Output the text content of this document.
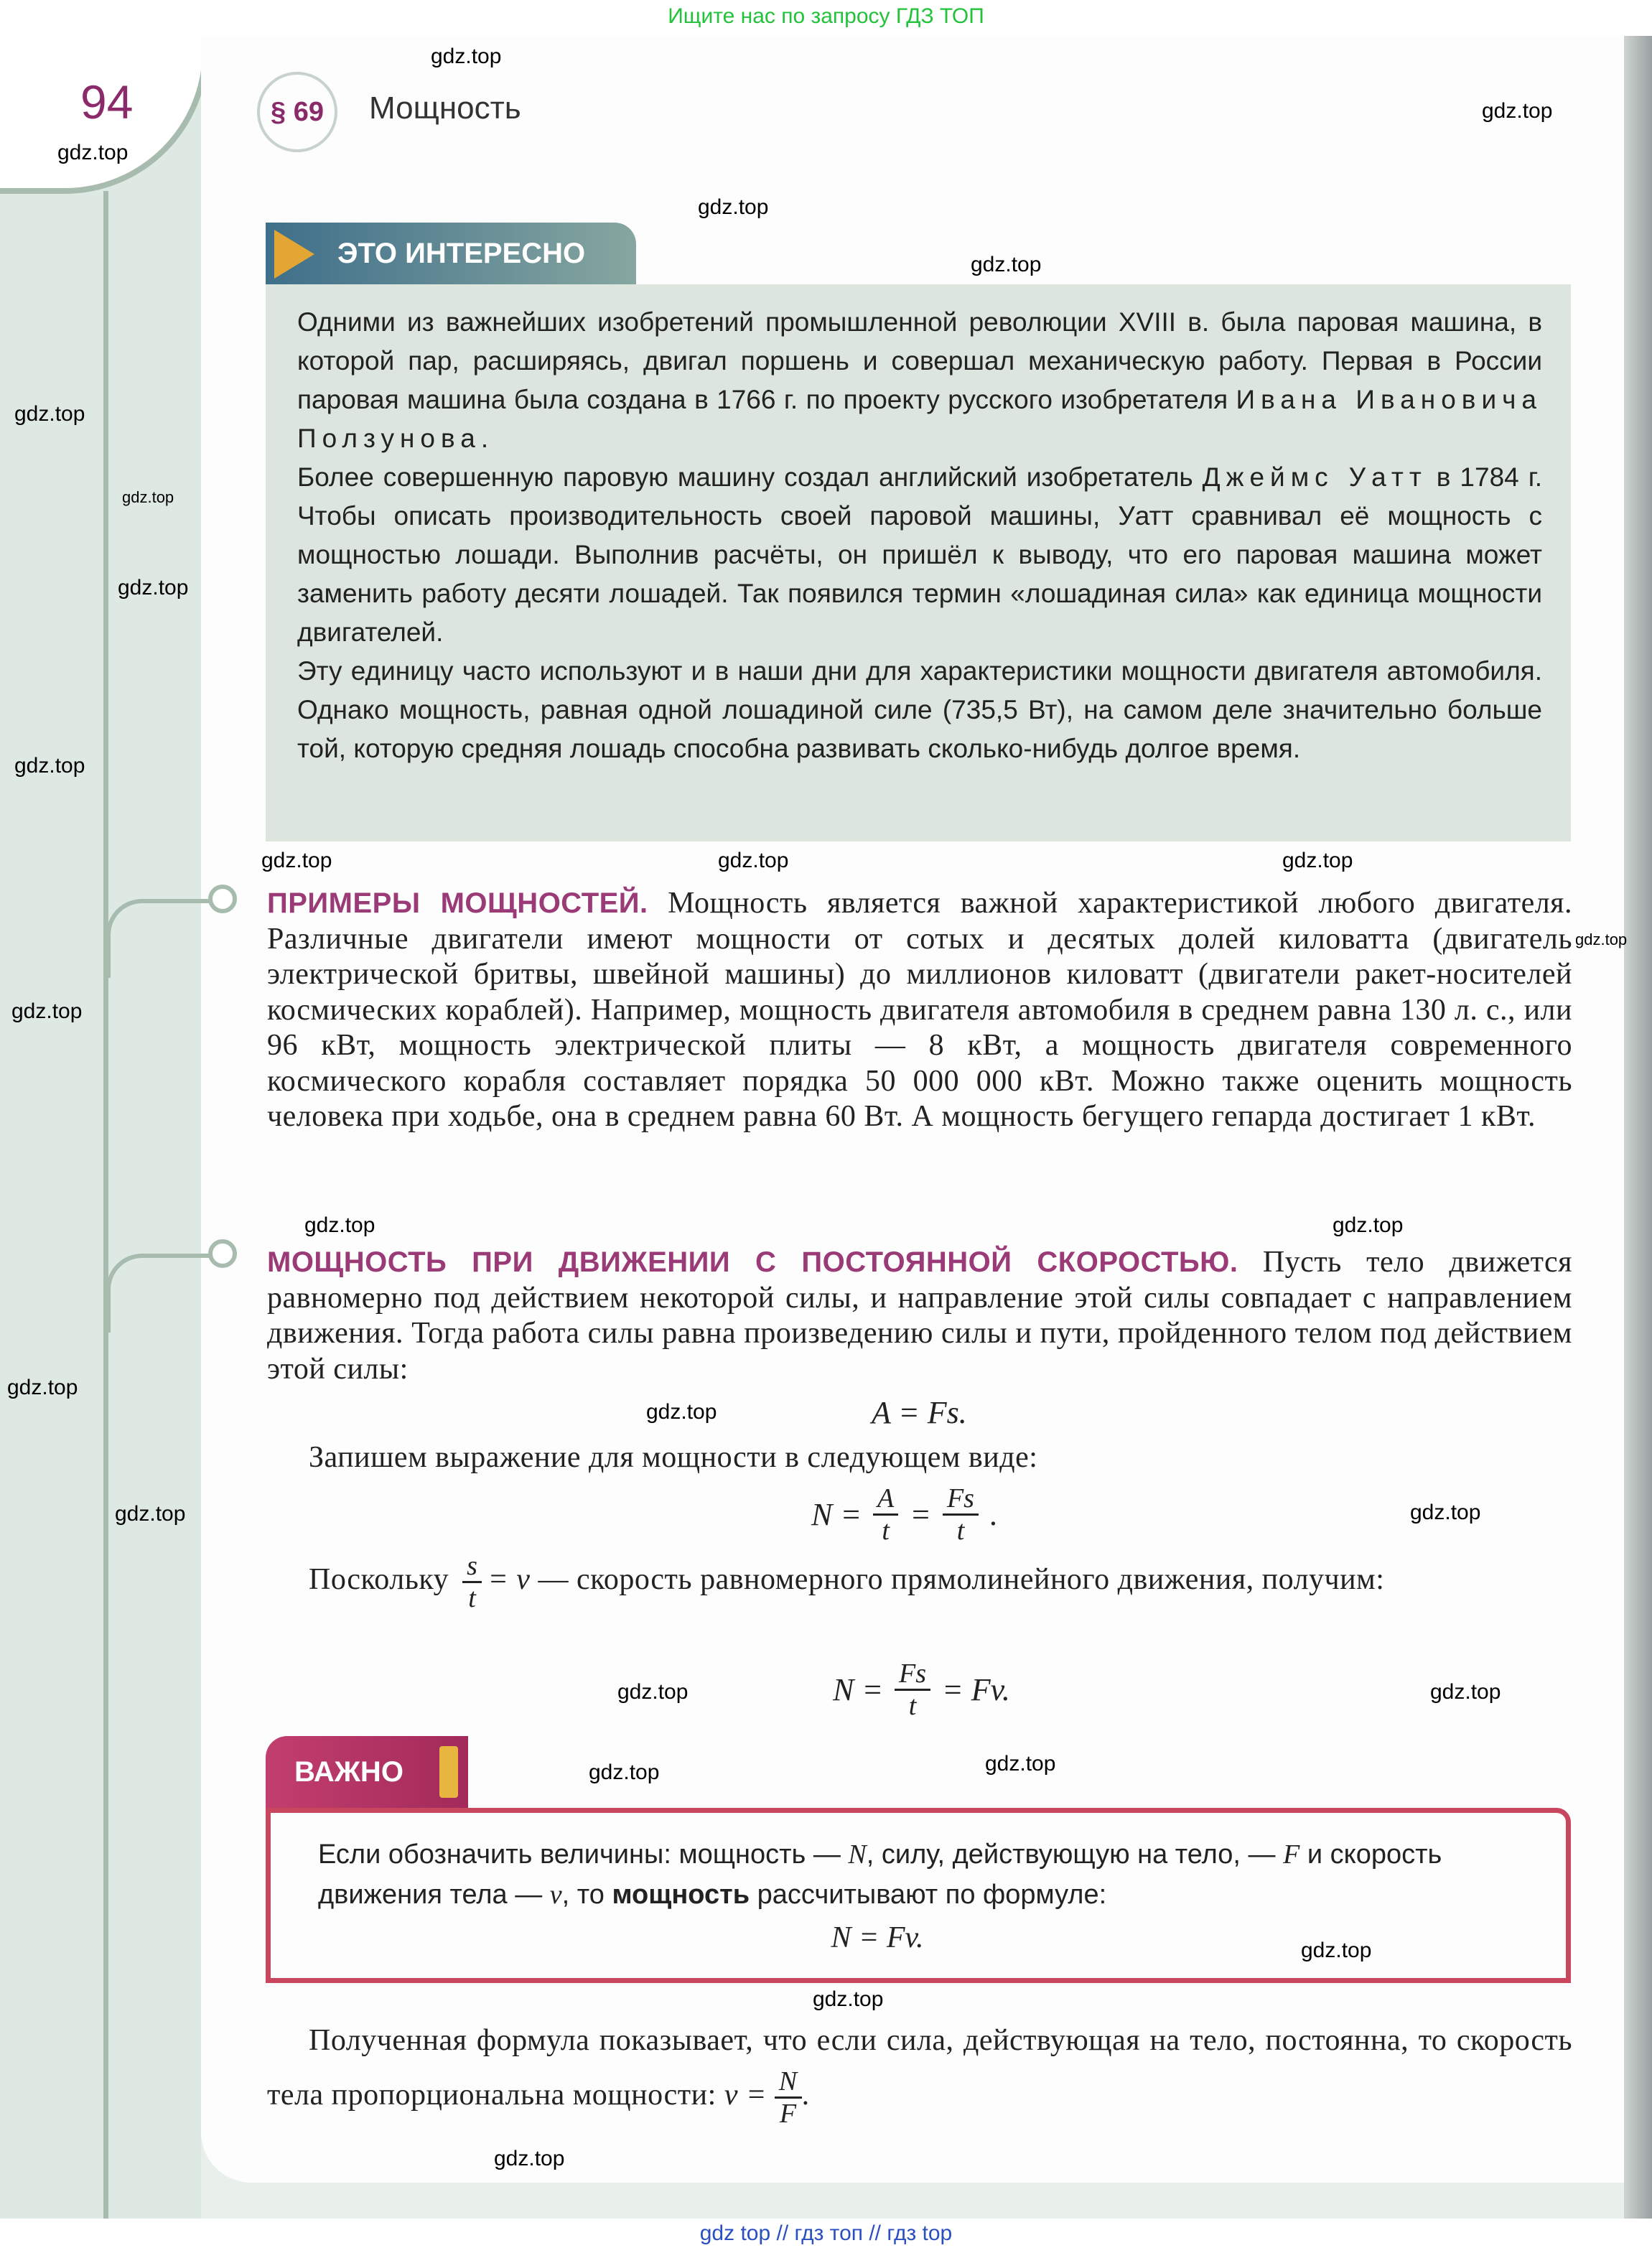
Ищите нас по запросу ГДЗ ТОП
94	§ 69	Мощность
ЭТО ИНТЕРЕСНО

Одними из важнейших изобретений промышленной революции XVIII в. была паровая машина, в которой пар, расширяясь, двигал поршень и совершал механическую работу. Первая в России паровая машина была создана в 1766 г. по проекту русского изобретателя Ивана Ивановича Ползунова.

Более совершенную паровую машину создал английский изобретатель Джеймс Уатт в 1784 г. Чтобы описать производительность своей паровой машины, Уатт сравнивал её мощность с мощностью лошади. Выполнив расчёты, он пришёл к выводу, что его паровая машина может заменить работу десяти лошадей. Так появился термин «лошадиная сила» как единица мощности двигателей.

Эту единицу часто используют и в наши дни для характеристики мощности двигателя автомобиля. Однако мощность, равная одной лошадиной силе (735,5 Вт), на самом деле значительно больше той, которую средняя лошадь способна развивать сколько-нибудь долгое время.

ПРИМЕРЫ МОЩНОСТЕЙ. Мощность является важной характеристикой любого двигателя. Различные двигатели имеют мощности от сотых и десятых долей киловатта (двигатель электрической бритвы, швейной машины) до миллионов киловатт (двигатели ракет-носителей космических кораблей). Например, мощность двигателя автомобиля в среднем равна 130 л. с., или 96 кВт, мощность электрической плиты — 8 кВт, а мощность двигателя современного космического корабля составляет порядка 50 000 000 кВт. Можно также оценить мощность человека при ходьбе, она в среднем равна 60 Вт. А мощность бегущего гепарда достигает 1 кВт.
МОЩНОСТЬ ПРИ ДВИЖЕНИИ С ПОСТОЯННОЙ СКОРОСТЬЮ. Пусть тело движется равномерно под действием некоторой силы, и направление этой силы совпадает с направлением движения. Тогда работа силы равна произведению силы и пути, пройденного телом под действием этой силы:
A = Fs.
Запишем выражение для мощности в следующем виде:
$N = \frac{A}{t} = \frac{Fs}{t}$ .
Поскольку $\frac{s}{t} = v$ — скорость равномерного прямолинейного движения, получим:
$N = \frac{Fs}{t} = Fv$.
ВАЖНО
Если обозначить величины: мощность — N, силу, действующую на тело, — F и скорость движения тела — v, то мощность рассчитывают по формуле:
N = Fv.
Полученная формула показывает, что если сила, действующая на тело, постоянна, то скорость тела пропорциональна мощности: $v = \frac{N}{F}$ .
gdz top // гдз топ // гдз top
gdz.top
gdz.top
gdz.top
gdz.top
gdz.top
gdz.top
gdz.top
gdz.top
gdz.top
gdz.top	gdz.top
gdz.top
gdz.top
gdz.top
gdz.top
gdz.top
gdz.top
gdz.top
gdz.top
gdz.top
gdz.top	gdz.top
gdz.top
gdz.top
gdz.top
gdz.top
gdz.top
